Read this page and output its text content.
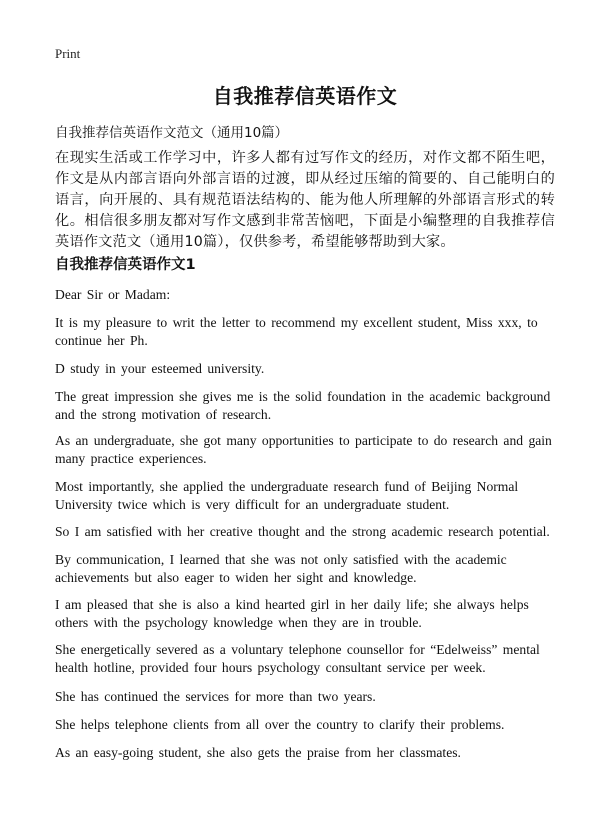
Print
自我推荐信英语作文
自我推荐信英语作文范文（通用10篇）

在现实生活或工作学习中，许多人都有过写作文的经历，对作文都不陌生吧，作文是从内部言语向外部言语的过渡，即从经过压缩的简要的、自己能明白的语言，向开展的、具有规范语法结构的、能为他人所理解的外部语言形式的转化。相信很多朋友都对写作文感到非常苦恼吧，下面是小编整理的自我推荐信英语作文范文（通用10篇），仅供参考，希望能够帮助到大家。

自我推荐信英语作文1

Dear Sir or Madam:

It is my pleasure to writ the letter to recommend my excellent student, Miss xxx, to continue her Ph.

D study in your esteemed university.

The great impression she gives me is the solid foundation in the academic background and the strong motivation of research.

As an undergraduate, she got many opportunities to participate to do research and gain many practice experiences.

Most importantly, she applied the undergraduate research fund of Beijing Normal University twice which is very difficult for an undergraduate student.

So I am satisfied with her creative thought and the strong academic research potential.

By communication, I learned that she was not only satisfied with the academic achievements but also eager to widen her sight and knowledge.

I am pleased that she is also a kind hearted girl in her daily life; she always helps others with the psychology knowledge when they are in trouble.

She energetically severed as a voluntary telephone counsellor for “Edelweiss” mental health hotline, provided four hours psychology consultant service per week.

She has continued the services for more than two years.

She helps telephone clients from all over the country to clarify their problems.

As an easy-going student, she also gets the praise from her classmates.
